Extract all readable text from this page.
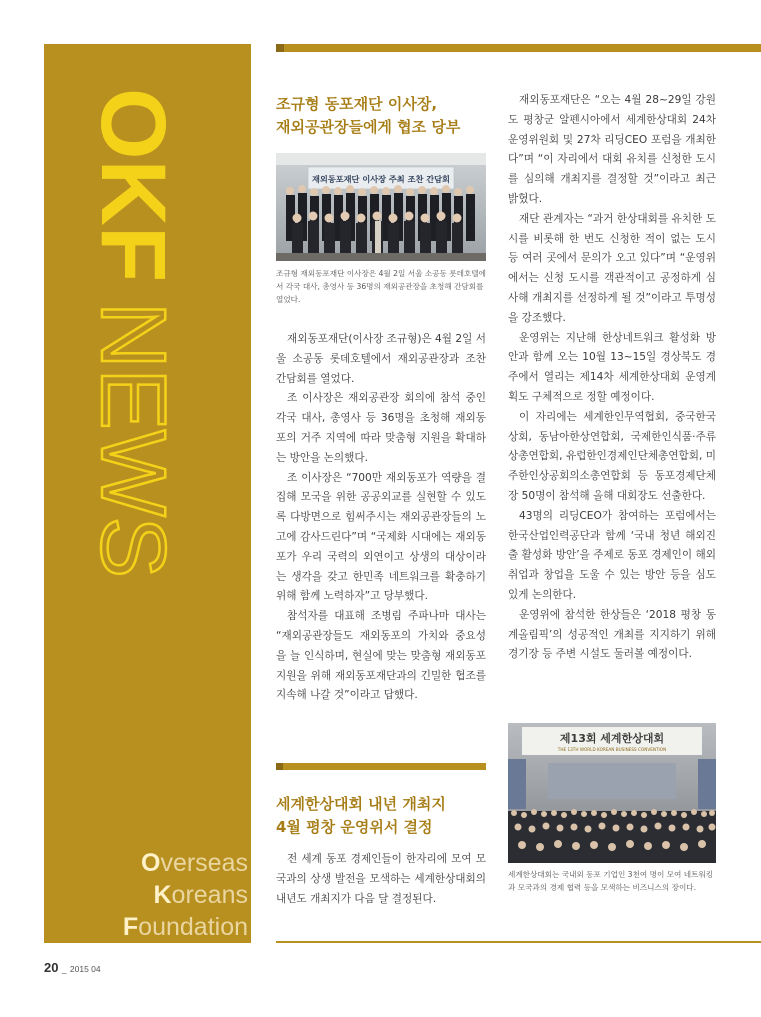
OKF
NEWS
Overseas
Koreans
Foundation
조규형 동포재단 이사장,
재외공관장들에게 협조 당부
재외동포재단 이사장 주최 조찬 간담회
조규형 재외동포재단 이사장은 4월 2일 서울 소공동 롯데호텔에서 각국 대사, 총영사 등 36명의 재외공관장을 초청해 간담회를 열었다.

재외동포재단(이사장 조규형)은 4월 2일 서울 소공동 롯데호텔에서 재외공관장과 조찬 간담회를 열었다.

조 이사장은 재외공관장 회의에 참석 중인 각국 대사, 총영사 등 36명을 초청해 재외동포의 거주 지역에 따라 맞춤형 지원을 확대하는 방안을 논의했다.

조 이사장은 “700만 재외동포가 역량을 결집해 모국을 위한 공공외교를 실현할 수 있도록 다방면으로 힘써주시는 재외공관장들의 노고에 감사드린다”며 “국제화 시대에는 재외동포가 우리 국력의 외연이고 상생의 대상이라는 생각을 갖고 한민족 네트워크를 확충하기 위해 함께 노력하자”고 당부했다.

참석자를 대표해 조병림 주파나마 대사는 “재외공관장들도 재외동포의 가치와 중요성을 늘 인식하며, 현실에 맞는 맞춤형 재외동포 지원을 위해 재외동포재단과의 긴밀한 협조를 지속해 나갈 것”이라고 답했다.

세계한상대회 내년 개최지
4월 평창 운영위서 결정

전 세계 동포 경제인들이 한자리에 모여 모국과의 상생 발전을 모색하는 세계한상대회의 내년도 개최지가 다음 달 결정된다.

재외동포재단은 “오는 4월 28~29일 강원도 평창군 알펜시아에서 세계한상대회 24차 운영위원회 및 27차 리딩CEO 포럼을 개최한다”며 “이 자리에서 대회 유치를 신청한 도시를 심의해 개최지를 결정할 것”이라고 최근 밝혔다.

재단 관계자는 “과거 한상대회를 유치한 도시를 비롯해 한 번도 신청한 적이 없는 도시 등 여러 곳에서 문의가 오고 있다”며 “운영위에서는 신청 도시를 객관적이고 공정하게 심사해 개최지를 선정하게 될 것”이라고 투명성을 강조했다.

운영위는 지난해 한상네트워크 활성화 방안과 함께 오는 10월 13~15일 경상북도 경주에서 열리는 제14차 세계한상대회 운영계획도 구체적으로 정할 예정이다.

이 자리에는 세계한인무역협회, 중국한국상회, 동남아한상연합회, 국제한인식품·주류상총연합회, 유럽한인경제인단체총연합회, 미주한인상공회의소총연합회 등 동포경제단체장 50명이 참석해 올해 대회장도 선출한다.

43명의 리딩CEO가 참여하는 포럼에서는 한국산업인력공단과 함께 ‘국내 청년 해외진출 활성화 방안’을 주제로 동포 경제인이 해외 취업과 창업을 도울 수 있는 방안 등을 심도 있게 논의한다.

운영위에 참석한 한상들은 ‘2018 평창 동계올림픽’의 성공적인 개최를 지지하기 위해 경기장 등 주변 시설도 둘러볼 예정이다.

제13회 세계한상대회
THE 13TH WORLD KOREAN BUSINESS CONVENTION
세계한상대회는 국내외 동포 기업인 3천여 명이 모여 네트워킹과 모국과의 경제 협력 등을 모색하는 비즈니스의 장이다.
20 _ 2015 04
